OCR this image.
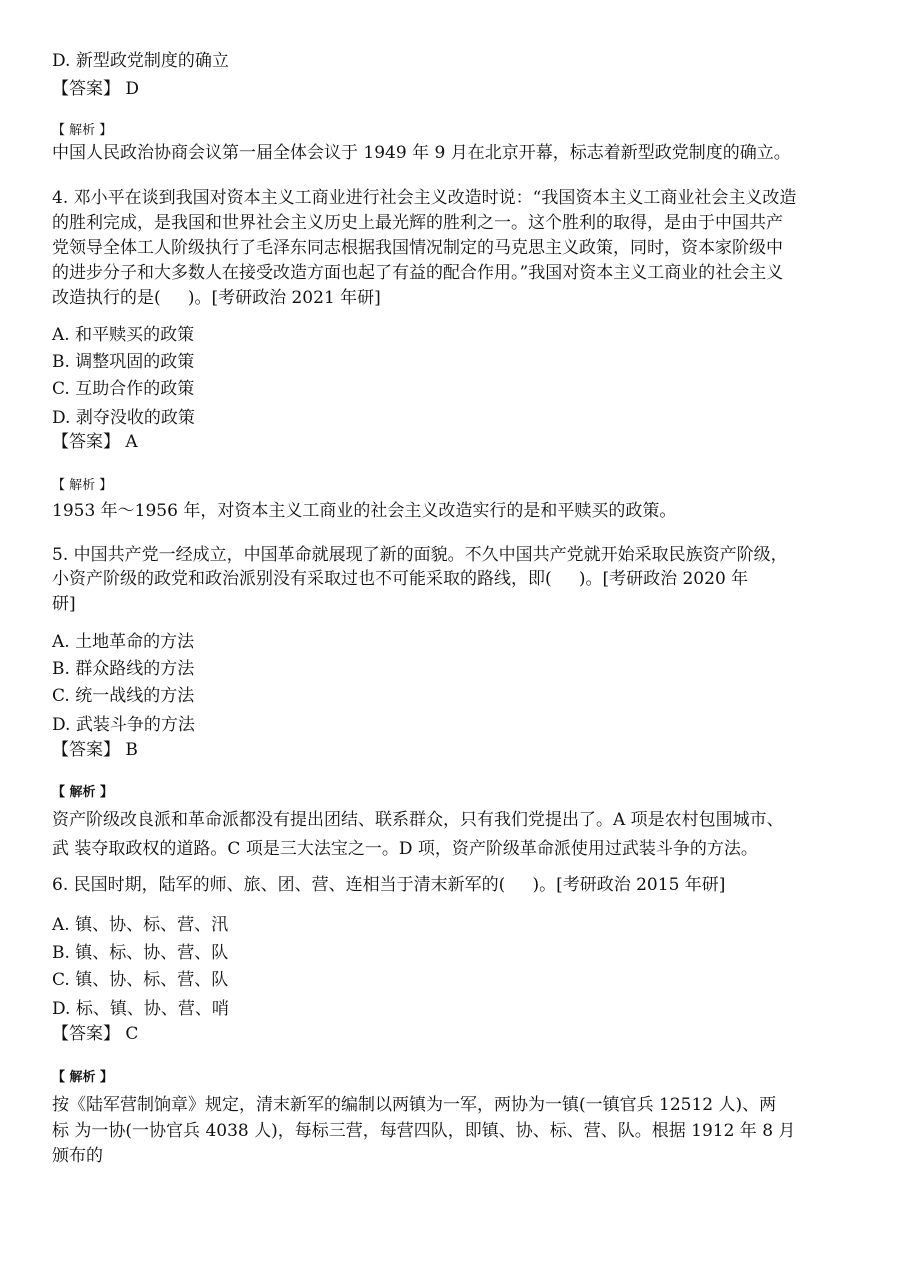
D. 新型政党制度的确立
【答案】 D
【 解析 】
中国人民政治协商会议第一届全体会议于 1949 年 9 月在北京开幕，标志着新型政党制度的确立。
4. 邓小平在谈到我国对资本主义工商业进行社会主义改造时说：“我国资本主义工商业社会主义改造
的胜利完成，是我国和世界社会主义历史上最光辉的胜利之一。这个胜利的取得，是由于中国共产
党领导全体工人阶级执行了毛泽东同志根据我国情况制定的马克思主义政策，同时，资本家阶级中
的进步分子和大多数人在接受改造方面也起了有益的配合作用。”我国对资本主义工商业的社会主义
改造执行的是( )。[考研政治 2021 年研]
A. 和平赎买的政策
B. 调整巩固的政策
C. 互助合作的政策
D. 剥夺没收的政策
【答案】 A
【 解析 】
1953 年～1956 年，对资本主义工商业的社会主义改造实行的是和平赎买的政策。
5. 中国共产党一经成立，中国革命就展现了新的面貌。不久中国共产党就开始采取民族资产阶级，
小资产阶级的政党和政治派别没有采取过也不可能采取的路线，即( )。[考研政治 2020 年
研]
A. 土地革命的方法
B. 群众路线的方法
C. 统一战线的方法
D. 武装斗争的方法
【答案】 B
【 解析 】
资产阶级改良派和革命派都没有提出团结、联系群众，只有我们党提出了。A 项是农村包围城市、
武 装夺取政权的道路。C 项是三大法宝之一。D 项，资产阶级革命派使用过武装斗争的方法。
6. 民国时期，陆军的师、旅、团、营、连相当于清末新军的( )。[考研政治 2015 年研]
A. 镇、协、标、营、汛
B. 镇、标、协、营、队
C. 镇、协、标、营、队
D. 标、镇、协、营、哨
【答案】 C
【 解析 】
按《陆军营制饷章》规定，清末新军的编制以两镇为一军，两协为一镇(一镇官兵 12512 人)、两
标 为一协(一协官兵 4038 人)，每标三营，每营四队，即镇、协、标、营、队。根据 1912 年 8 月
颁布的
